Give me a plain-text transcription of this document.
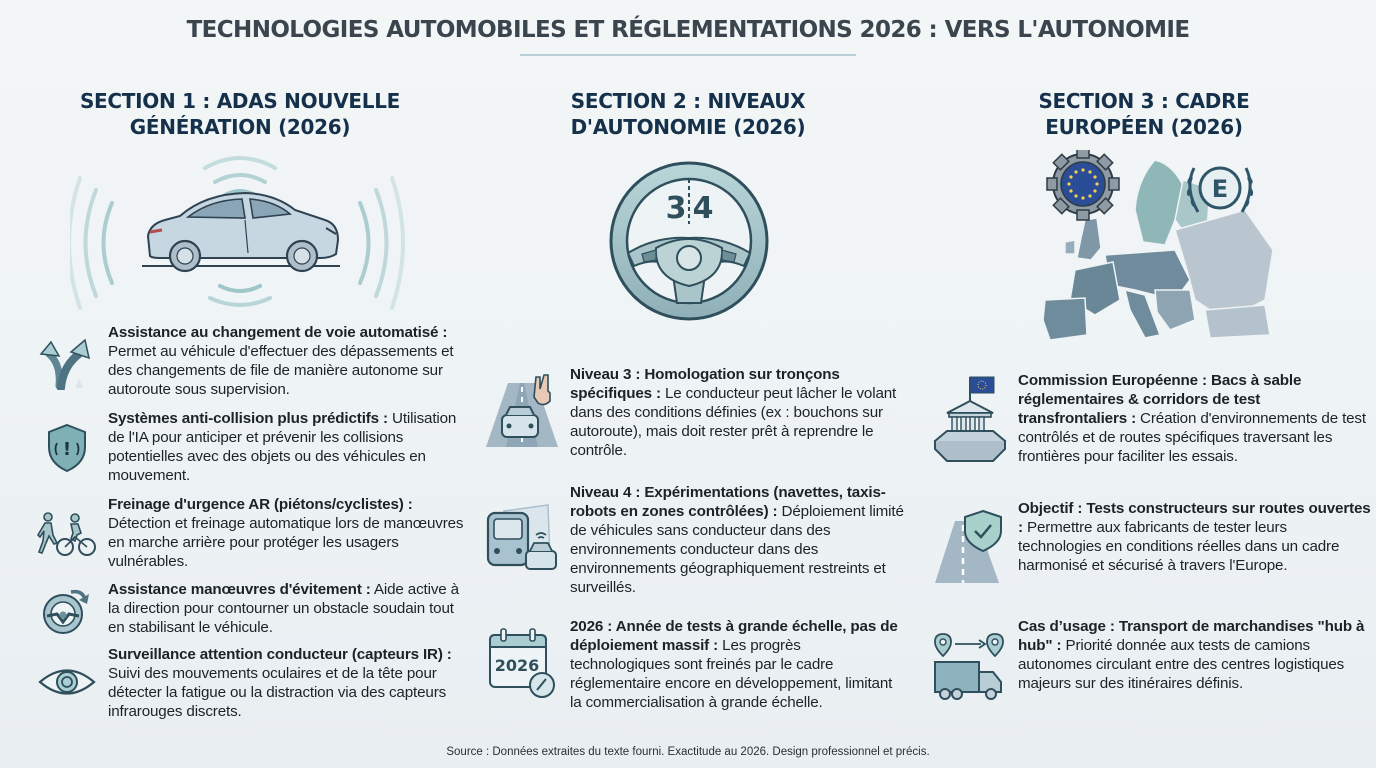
TECHNOLOGIES AUTOMOBILES ET RÉGLEMENTATIONS 2026 : VERS L'AUTONOMIE
SECTION 1 : ADAS NOUVELLE
GÉNÉRATION (2026)
SECTION 2 : NIVEAUX
D'AUTONOMIE (2026)
SECTION 3 : CADRE
EUROPÉEN (2026)
3 4
E
Assistance au changement de voie automatisé : Permet au véhicule d'effectuer des dépassements et des changements de file de manière autonome sur autoroute sous supervision.
!
Systèmes anti-collision plus prédictifs : Utilisation de l'IA pour anticiper et prévenir les collisions potentielles avec des objets ou des véhicules en mouvement.
Freinage d'urgence AR (piétons/cyclistes) : Détection et freinage automatique lors de manœuvres en marche arrière pour protéger les usagers vulnérables.
Assistance manœuvres d'évitement : Aide active à la direction pour contourner un obstacle soudain tout en stabilisant le véhicule.
Surveillance attention conducteur (capteurs IR) : Suivi des mouvements oculaires et de la tête pour détecter la fatigue ou la distraction via des capteurs infrarouges discrets.
Niveau 3 : Homologation sur tronçons spécifiques : Le conducteur peut lâcher le volant dans des conditions définies (ex : bouchons sur autoroute), mais doit rester prêt à reprendre le contrôle.
Niveau 4 : Expérimentations (navettes, taxis-robots en zones contrôlées) : Déploiement limité de véhicules sans conducteur dans des environnements conducteur dans des environnements géographiquement restreints et surveillés.
2026
2026 : Année de tests à grande échelle, pas de déploiement massif : Les progrès technologiques sont freinés par le cadre réglementaire encore en développement, limitant la commercialisation à grande échelle.
Commission Européenne : Bacs à sable réglementaires & corridors de test transfrontaliers : Création d'environnements de test contrôlés et de routes spécifiques traversant les frontières pour faciliter les essais.
Objectif : Tests constructeurs sur routes ouvertes : Permettre aux fabricants de tester leurs technologies en conditions réelles dans un cadre harmonisé et sécurisé à travers l'Europe.
Cas d’usage : Transport de marchandises "hub à hub" : Priorité donnée aux tests de camions autonomes circulant entre des centres logistiques majeurs sur des itinéraires définis.
Source : Données extraites du texte fourni. Exactitude au 2026. Design professionnel et précis.
